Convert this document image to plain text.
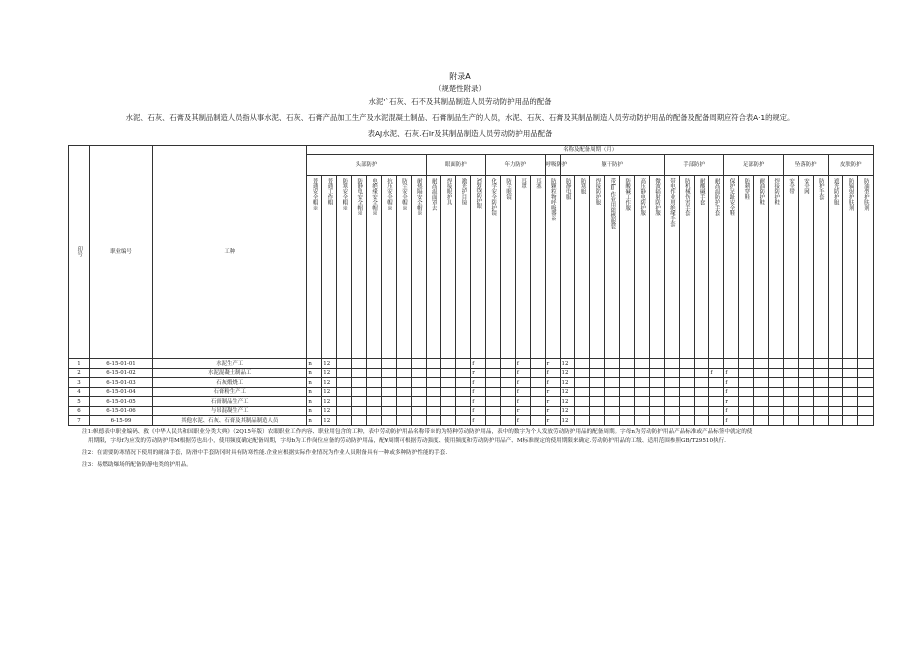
附录A
（规楚性附录）
水泥'`石灰、石不及其制品制造人员劳动防护用品的配备
水泥、石灰、石膏及其制品制造人员指从事水泥、石灰、石膏产品加工生产及水泥混凝土制品、石膏制品生产的人员，水泥、石灰、石膏及其制品制造人员劳动防护用品的配备及配备周期应符合表A·1的规定。
表AJ水泥、石灰.石Ir及其制品制造人员劳动防护用品配备
印号	职业编号	工种	名称及配备周期（月）																																					
			头部防护								眼面防护				年力防护				呼吸防护	躯干防护							手部防护				足部防护				坠落防护			皮肤防护		
			普通安全帽※	普通工作帽	防寒安全帽※	防静电安全帽※	电绝缘安全帽※	抗压安全帽※	防尘安全帽※	耐热隔安全帽※	耐高温面罩去	焊接眼护具	激光护目镜	X射线防护眼	化学安全防护镜	防尘眼镜	耳罩	耳塞	防颗粒物呼吸器※	防静电服	防寒服	焊接防护服	带IⅡ作业用阻燃服装	防酸碱工作服	高压静电防护服	微波辐射防护服	带电作业用绝缘手套	防机械伤害手套	耐酸碱手套	耐高温防护手套	保护足趾安全鞋	防刺穿鞋	耐油防护鞋	焊接防护鞋	安全带	安全网	防护手套	遮光防护服	防辐射护肤剂	防油型护肤剂
1	6-15-01-01	水泥生产工	n	12										f			f		r	12																				
2	6-15-01-02	水泥混凝土制品工	n	12										r			f		f	12										f	f									
3	6-15-01-03	石灰煅烧工	n	12										f			f		f	12											f									
4	6-15-01-04	石膏粉生产工	n	12										f			f		r	12											f									
5	6-15-01-05	石膏制品生产工	n	12										f			f		r	12											r									
6	6-15-01-06	与吊混凝生产工	n	12										f			r		r	12											f									
7	6-15-99	其他水泥、石灰、石膏及其制品制造人员	n	12										f			f		r	12											f									
注1:帜德表中职业编码、救《中华人民共和国职业分类大典》（2Q15年版）农眼职业工作内容、职业用包含的工种，表中劳动防护用品名称带※的为特种劳动防护用品，表中的数字为个人发放劳动防护用品的配备周期。字母n为劳动防护用品产品标准或产品标签中就定的使
用期限，字母f为应发的劳动防护用M根据劳也出小，使用频度确定配备周期，字母b为工作岗位应备的劳动防护用品，配¥周期可根据劳动强度、使用频度和劳动防护用品产、M标准规定的使用期限来确定.劳动防护用品的工级、适用范围参照GB/T29510执行.
注2：在需要防寒情况下使用的耐油手套，防滑中手套防冈时具有防寒性能.企业应根据实际作业情况为作业人员附备具有一种或多种防护性能的手套.
注3：易燃助爆场所配备防静电类的护用品。
